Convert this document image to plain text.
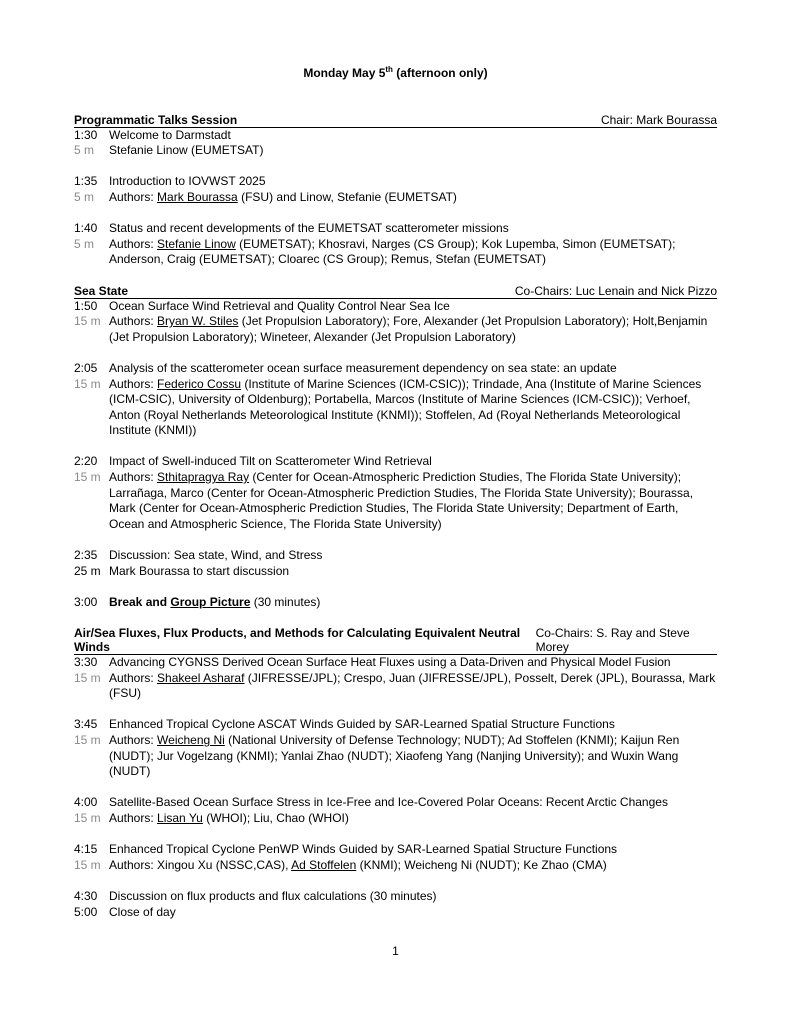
Monday May 5th (afternoon only)
Programmatic Talks Session	Chair: Mark Bourassa
1:30 Welcome to Darmstadt
5 m	Stefanie Linow (EUMETSAT)
1:35 Introduction to IOVWST 2025
5 m	Authors: Mark Bourassa (FSU) and Linow, Stefanie (EUMETSAT)
1:40 Status and recent developments of the EUMETSAT scatterometer missions
5 m	Authors: Stefanie Linow (EUMETSAT); Khosravi, Narges (CS Group); Kok Lupemba, Simon (EUMETSAT); Anderson, Craig (EUMETSAT); Cloarec (CS Group); Remus, Stefan (EUMETSAT)
Sea State	Co-Chairs: Luc Lenain and Nick Pizzo
1:50 Ocean Surface Wind Retrieval and Quality Control Near Sea Ice
15 m Authors: Bryan W. Stiles (Jet Propulsion Laboratory); Fore, Alexander (Jet Propulsion Laboratory); Holt,Benjamin (Jet Propulsion Laboratory); Wineteer, Alexander (Jet Propulsion Laboratory)
2:05 Analysis of the scatterometer ocean surface measurement dependency on sea state: an update
15 m Authors: Federico Cossu (Institute of Marine Sciences (ICM-CSIC)); Trindade, Ana (Institute of Marine Sciences (ICM-CSIC), University of Oldenburg); Portabella, Marcos (Institute of Marine Sciences (ICM-CSIC)); Verhoef, Anton (Royal Netherlands Meteorological Institute (KNMI)); Stoffelen, Ad (Royal Netherlands Meteorological Institute (KNMI))
2:20 Impact of Swell-induced Tilt on Scatterometer Wind Retrieval
15 m Authors: Sthitapragya Ray (Center for Ocean-Atmospheric Prediction Studies, The Florida State University); Larrañaga, Marco (Center for Ocean-Atmospheric Prediction Studies, The Florida State University); Bourassa, Mark (Center for Ocean-Atmospheric Prediction Studies, The Florida State University; Department of Earth, Ocean and Atmospheric Science, The Florida State University)
2:35 Discussion: Sea state, Wind, and Stress
25 m Mark Bourassa to start discussion
3:00 Break and Group Picture (30 minutes)
Air/Sea Fluxes, Flux Products, and Methods for Calculating Equivalent Neutral Winds
Co-Chairs: S. Ray and Steve Morey
3:30 Advancing CYGNSS Derived Ocean Surface Heat Fluxes using a Data-Driven and Physical Model Fusion
15 m Authors: Shakeel Asharaf (JIFRESSE/JPL); Crespo, Juan (JIFRESSE/JPL), Posselt, Derek (JPL), Bourassa, Mark (FSU)
3:45 Enhanced Tropical Cyclone ASCAT Winds Guided by SAR-Learned Spatial Structure Functions
15 m Authors: Weicheng Ni (National University of Defense Technology; NUDT); Ad Stoffelen (KNMI); Kaijun Ren (NUDT); Jur Vogelzang (KNMI); Yanlai Zhao (NUDT); Xiaofeng Yang (Nanjing University); and Wuxin Wang (NUDT)
4:00 Satellite-Based Ocean Surface Stress in Ice-Free and Ice-Covered Polar Oceans: Recent Arctic Changes
15 m Authors: Lisan Yu (WHOI); Liu, Chao (WHOI)
4:15 Enhanced Tropical Cyclone PenWP Winds Guided by SAR-Learned Spatial Structure Functions
15 m Authors: Xingou Xu (NSSC,CAS), Ad Stoffelen (KNMI); Weicheng Ni (NUDT); Ke Zhao (CMA)
4:30 Discussion on flux products and flux calculations (30 minutes)
5:00 Close of day
1
